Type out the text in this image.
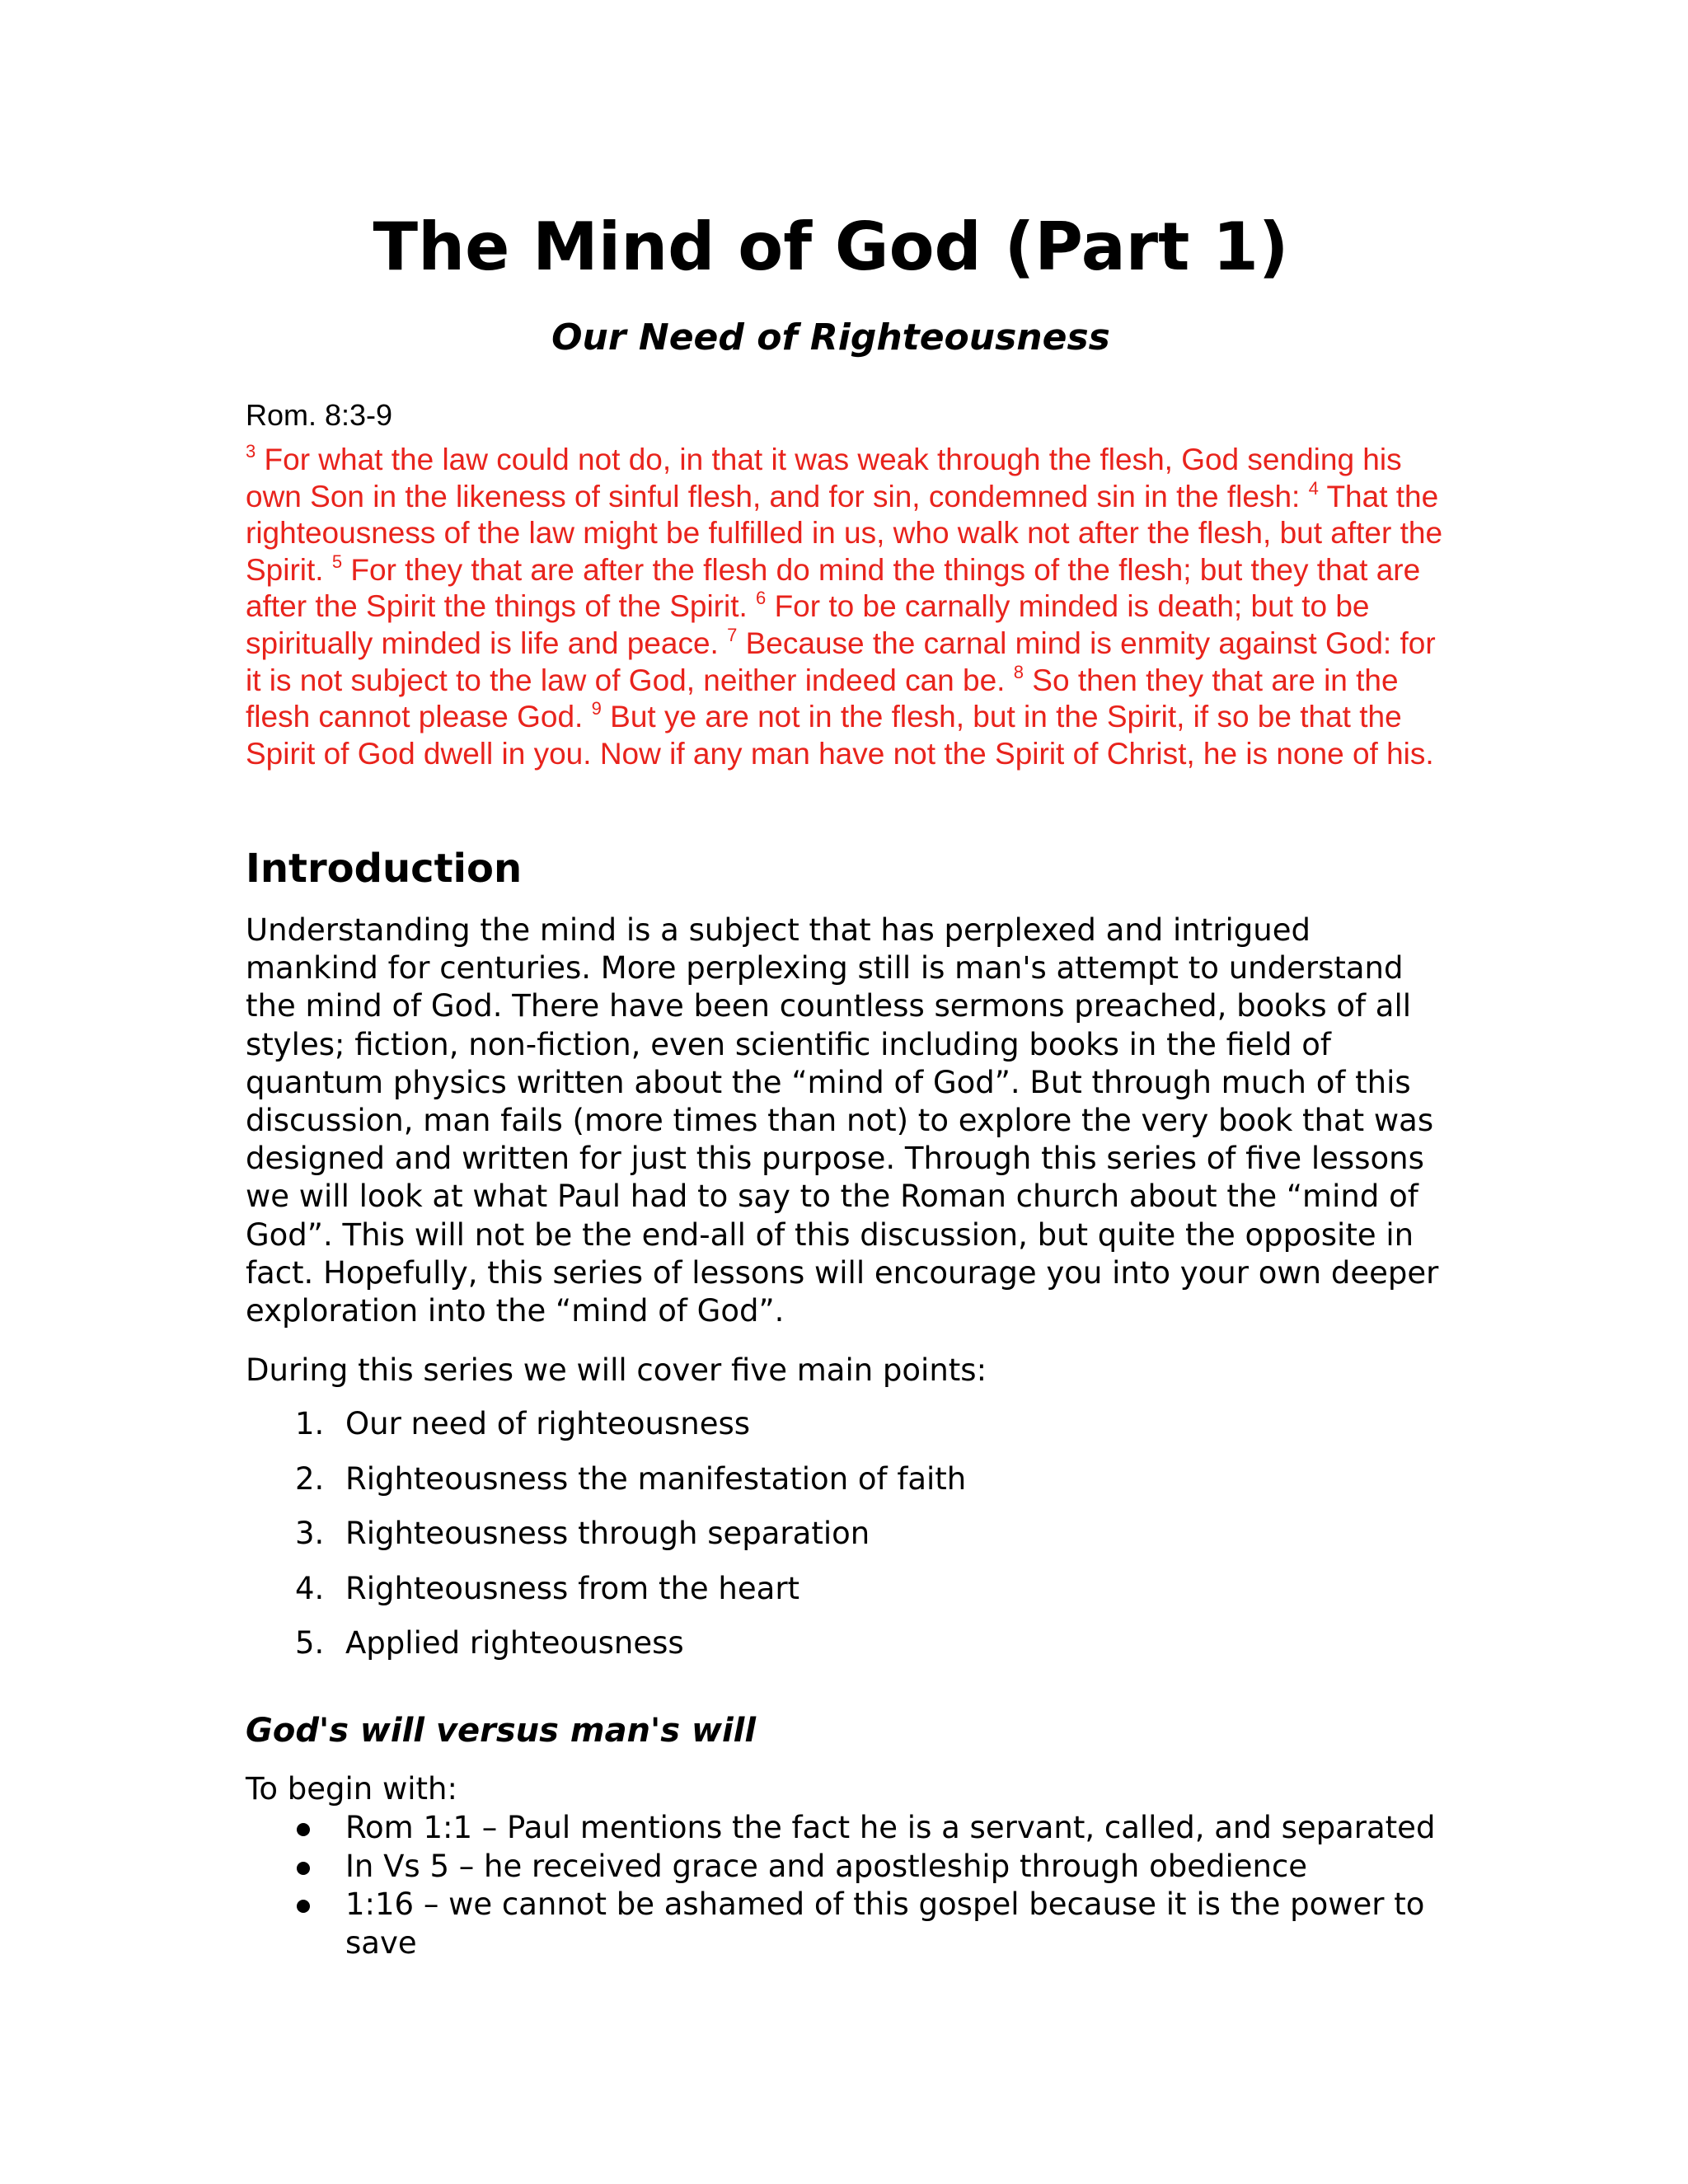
The Mind of God (Part 1)
Our Need of Righteousness

Rom. 8:3-9

$^3$ For what the law could not do, in that it was weak through the flesh, God sending his own Son in the likeness of sinful flesh, and for sin, condemned sin in the flesh: $^4$ That the righteousness of the law might be fulfilled in us, who walk not after the flesh, but after the Spirit. $^5$ For they that are after the flesh do mind the things of the flesh; but they that are after the Spirit the things of the Spirit. $^6$ For to be carnally minded is death; but to be spiritually minded is life and peace. $^7$ Because the carnal mind is enmity against God: for it is not subject to the law of God, neither indeed can be. $^8$ So then they that are in the flesh cannot please God. $^9$ But ye are not in the flesh, but in the Spirit, if so be that the Spirit of God dwell in you. Now if any man have not the Spirit of Christ, he is none of his.

Introduction

Understanding the mind is a subject that has perplexed and intrigued mankind for centuries. More perplexing still is man's attempt to understand the mind of God. There have been countless sermons preached, books of all styles; fiction, non-fiction, even scientific including books in the field of quantum physics written about the “mind of God”. But through much of this discussion, man fails (more times than not) to explore the very book that was designed and written for just this purpose. Through this series of five lessons we will look at what Paul had to say to the Roman church about the “mind of God”. This will not be the end-all of this discussion, but quite the opposite in fact. Hopefully, this series of lessons will encourage you into your own deeper exploration into the “mind of God”.

During this series we will cover five main points:

1. Our need of righteousness
2. Righteousness the manifestation of faith
3. Righteousness through separation
4. Righteousness from the heart
5. Applied righteousness
God's will versus man's will

To begin with:

Rom 1:1 – Paul mentions the fact he is a servant, called, and separated
In Vs 5 – he received grace and apostleship through obedience
1:16 – we cannot be ashamed of this gospel because it is the power to save
